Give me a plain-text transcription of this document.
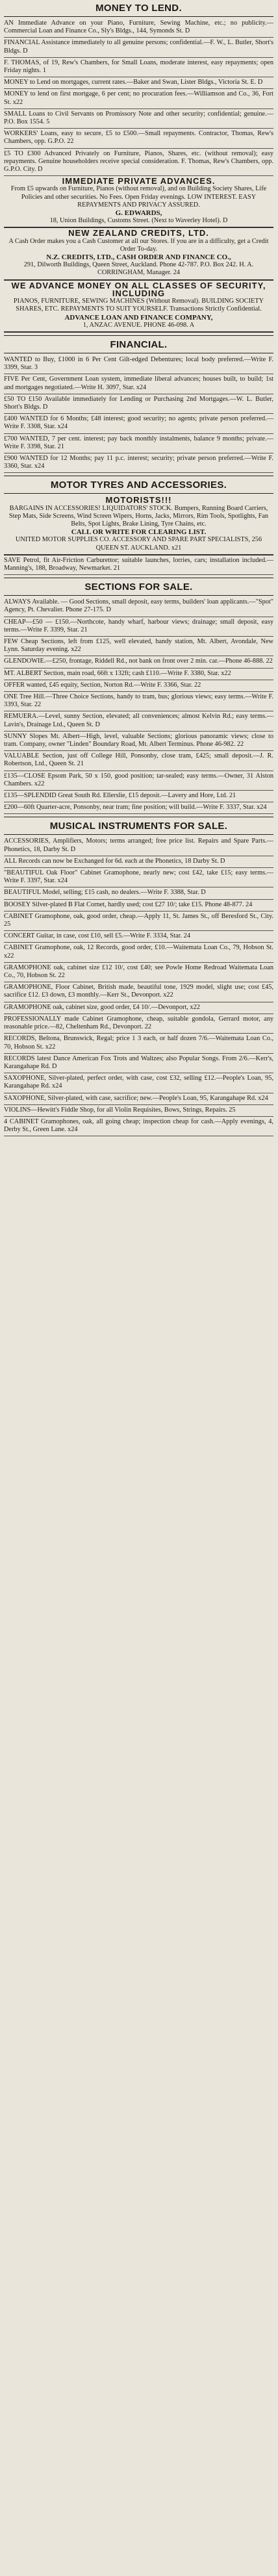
MONEY TO LEND.
AN Immediate Advance on your Piano, Furniture, Sewing Machine, etc.; no publicity.—Commercial Loan and Finance Co., Sly's Bldgs., 144, Symonds St. D
FINANCIAL Assistance immediately to all genuine persons; confidential.—F. W., L. Butler, Short's Bldgs. D
F. THOMAS, of 19, Rew's Chambers, for Small Loans, moderate interest, easy repayments; open Friday nights. 1
MONEY to Lend on mortgages, current rates.—Baker and Swan, Lister Bldgs., Victoria St. E. D
MONEY to lend on first mortgage, 6 per cent; no procuration fees.—Williamson and Co., 36, Fort St. x22
SMALL Loans to Civil Servants on Promissory Note and other security; confidential; genuine.—P.O. Box 1554. 5
WORKERS' Loans, easy to secure, £5 to £500.—Small repayments. Contractor, Thomas, Rew's Chambers, opp. G.P.O. 22
£5 TO £300 Advanced Privately on Furniture, Pianos, Shares, etc. (without removal); easy repayments. Genuine householders receive special consideration. F. Thomas, Rew's Chambers, opp. G.P.O. City. D
IMMEDIATE PRIVATE ADVANCES.
From £5 upwards on Furniture, Pianos (without removal), and on Building Society Shares, Life Policies and other securities. No Fees. Open Friday evenings. LOW INTEREST. EASY REPAYMENTS AND PRIVACY ASSURED.
G. EDWARDS,
18, Union Buildings, Customs Street. (Next to Waverley Hotel). D
NEW ZEALAND CREDITS, LTD.
A Cash Order makes you a Cash Customer at all our Stores. If you are in a difficulty, get a Credit Order To-day.
N.Z. CREDITS, LTD., CASH ORDER AND FINANCE CO.,
291, Dilworth Buildings, Queen Street, Auckland. Phone 42-787. P.O. Box 242. H. A. CORRINGHAM, Manager. 24
WE ADVANCE MONEY ON ALL CLASSES OF SECURITY, INCLUDING
PIANOS, FURNITURE, SEWING MACHINES (Without Removal). BUILDING SOCIETY SHARES, ETC. REPAYMENTS TO SUIT YOURSELF. Transactions Strictly Confidential.
ADVANCE LOAN AND FINANCE COMPANY,
1, ANZAC AVENUE. PHONE 46-098. A
FINANCIAL.
WANTED to Buy, £1000 in 6 Per Cent Gilt-edged Debentures; local body preferred.—Write F. 3399, Star. 3
FIVE Per Cent, Government Loan system, immediate liberal advances; houses built, to build; 1st and mortgages negotiated.—Write H. 3097, Star. x24
£50 TO £150 Available immediately for Lending or Purchasing 2nd Mortgages.—W. L. Butler, Short's Bldgs. D
£400 WANTED for 6 Months; £48 interest; good security; no agents; private person preferred.—Write F. 3308, Star. x24
£700 WANTED, 7 per cent. interest; pay back monthly instalments, balance 9 months; private.—Write F. 3398, Star. 21
£900 WANTED for 12 Months; pay 11 p.c. interest; security; private person preferred.—Write F. 3360, Star. x24
MOTOR TYRES AND ACCESSORIES.
MOTORISTS!!!
BARGAINS IN ACCESSORIES! LIQUIDATORS' STOCK. Bumpers, Running Board Carriers, Step Mats, Side Screens, Wind Screen Wipers, Horns, Jacks, Mirrors, Rim Tools, Spotlights, Fan Belts, Spot Lights, Brake Lining, Tyre Chains, etc.
CALL OR WRITE FOR CLEARING LIST.
UNITED MOTOR SUPPLIES CO. ACCESSORY AND SPARE PART SPECIALISTS, 256 QUEEN ST. AUCKLAND. x21
SAVE Petrol, fit Air-Friction Carburettor; suitable launches, lorries, cars; installation included.—Manning's, 188, Broadway, Newmarket. 21
SECTIONS FOR SALE.
ALWAYS Available. — Good Sections, small deposit, easy terms, builders' loan applicants.—"Spot" Agency, Pt. Chevalier. Phone 27-175. D
CHEAP—£50 — £150.—Northcote, handy wharf, harbour views; drainage; small deposit, easy terms.—Write F. 3399, Star. 21
FEW Cheap Sections, left from £125, well elevated, handy station, Mt. Albert, Avondale, New Lynn. Saturday evening. x22
GLENDOWIE.—£250, frontage, Riddell Rd., not bank on front over 2 min. car.—Phone 46-888. 22
MT. ALBERT Section, main road, 66ft x 132ft; cash £110.—Write F. 3380, Star. x22
OFFER wanted, £45 equity, Section, Norton Rd.—Write F. 3366, Star. 22
ONE Tree Hill.—Three Choice Sections, handy to tram, bus; glorious views; easy terms.—Write F. 3393, Star. 22
REMUERA.—Level, sunny Section, elevated; all conveniences; almost Kelvin Rd.; easy terms.—Lavin's, Drainage Ltd., Queen St. D
SUNNY Slopes Mt. Albert—High, level, valuable Sections; glorious panoramic views; close to tram. Company, owner "Linden" Boundary Road, Mt. Albert Terminus. Phone 46-982. 22
VALUABLE Section, just off College Hill, Ponsonby, close tram, £425; small deposit.—J. R. Robertson, Ltd., Queen St. 21
£135—CLOSE Epsom Park, 50 x 150, good position; tar-sealed; easy terms.—Owner, 31 Alston Chambers. x22
£135—SPLENDID Great South Rd. Ellerslie, £15 deposit.—Lavery and Hore, Ltd. 21
£200—60ft Quarter-acre, Ponsonby, near tram; fine position; will build.—Write F. 3337, Star. x24
MUSICAL INSTRUMENTS FOR SALE.
ACCESSORIES, Amplifiers, Motors; terms arranged; free price list. Repairs and Spare Parts.—Phonetics, 18, Darby St. D
ALL Records can now be Exchanged for 6d. each at the Phonetics, 18 Darby St. D
"BEAUTIFUL Oak Floor" Cabinet Gramophone, nearly new; cost £42, take £15; easy terms.—Write F. 3397, Star. x24
BEAUTIFUL Model, selling; £15 cash, no dealers.—Write F. 3388, Star. D
BOOSEY Silver-plated B Flat Cornet, hardly used; cost £27 10/; take £15. Phone 48-877. 24
CABINET Gramophone, oak, good order, cheap.—Apply 11, St. James St., off Beresford St., City. 25
CONCERT Guitar, in case, cost £10, sell £5.—Write F. 3334, Star. 24
CABINET Gramophone, oak, 12 Records, good order, £10.—Waitemata Loan Co., 79, Hobson St. x22
GRAMOPHONE oak, cabinet size £12 10/, cost £40; see Powle Home Redroad Waitemata Loan Co., 70, Hobson St. 22
GRAMOPHONE, Floor Cabinet, British made, beautiful tone, 1929 model, slight use; cost £45, sacrifice £12. £3 down, £3 monthly.—Kerr St., Devonport. x22
GRAMOPHONE oak, cabinet size, good order, £4 10/.—Devonport, x22
PROFESSIONALLY made Cabinet Gramophone, cheap, suitable gondola, Gerrard motor, any reasonable price.—82, Cheltenham Rd., Devonport. 22
RECORDS, Beltona, Brunswick, Regal; price 1 3 each, or half dozen 7/6.—Waitemata Loan Co., 70, Hobson St. x22
RECORDS latest Dance American Fox Trots and Waltzes; also Popular Songs. From 2/6.—Kerr's, Karangahape Rd. D
SAXOPHONE, Silver-plated, perfect order, with case, cost £32, selling £12.—People's Loan, 95, Karangahape Rd. x24
SAXOPHONE, Silver-plated, with case, sacrifice; new.—People's Loan, 95, Karangahape Rd. x24
VIOLINS—Hewitt's Fiddle Shop, for all Violin Requisites, Bows, Strings, Repairs. 25
4 CABINET Gramophones, oak, all going cheap; inspection cheap for cash.—Apply evenings, 4, Derby St., Green Lane. x24
